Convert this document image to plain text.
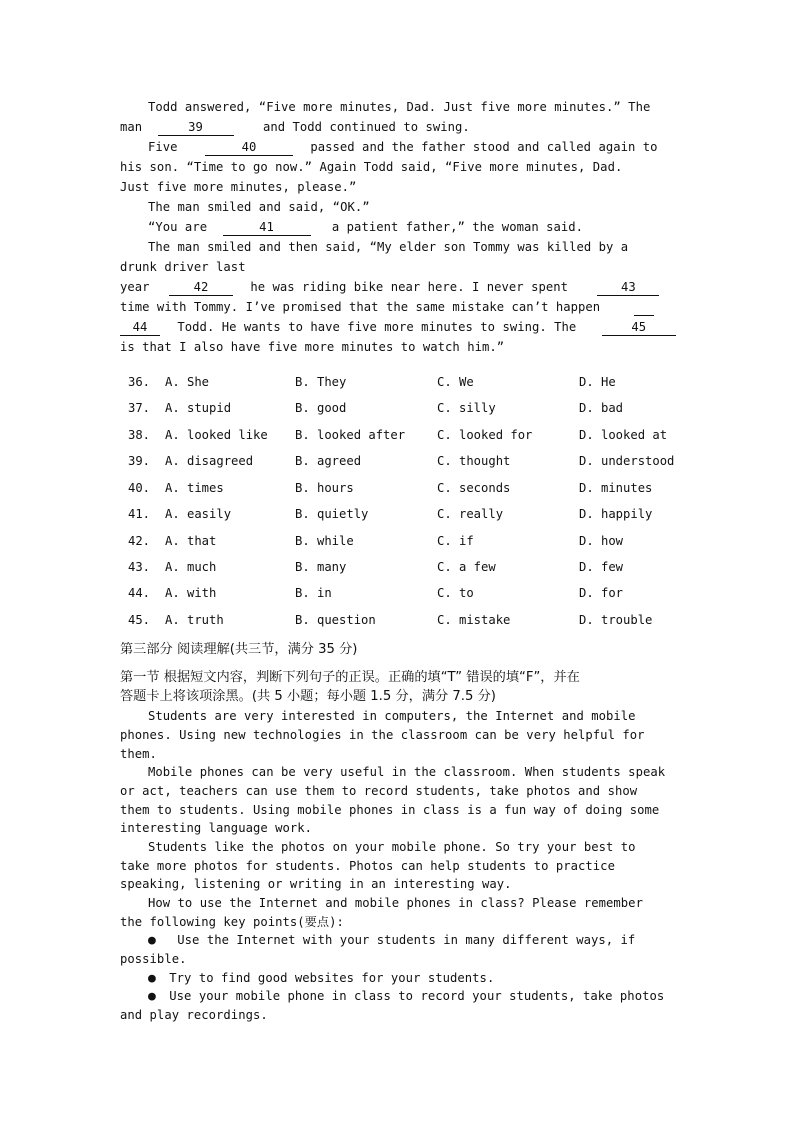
Todd answered, “Five more minutes, Dad. Just five more minutes.” The
man	39	and Todd continued to swing.
Five	40	passed and the father stood and called again to
his son. “Time to go now.” Again Todd said, “Five more minutes, Dad.
Just five more minutes, please.”
The man smiled and said, “OK.”
“You are	41	a patient father,” the woman said.
The man smiled and then said, “My elder son Tommy was killed by a
drunk driver last
year	42	he was riding bike near here. I never spent	43
time with Tommy. I’ve promised that the same mistake can’t happen
44 Todd. He wants to have five more minutes to swing. The	45
is that I also have five more minutes to watch him.”
36. A. She	B. They	C. We	D. He
37. A. stupid	B. good	C. silly	D. bad
38. A. looked like B. looked after	C. looked for	D. looked at
39. A. disagreed	B. agreed	C. thought	D. understood
40. A. times	B. hours	C. seconds	D. minutes
41. A. easily	B. quietly	C. really	D. happily
42. A. that	B. while	C. if	D. how
43. A. much	B. many	C. a few	D. few
44. A. with	B. in	C. to	D. for
45. A. truth	B. question	C. mistake	D. trouble
第三部分 阅读理解(共三节，满分 35 分)
第一节 根据短文内容，判断下列句子的正误。正确的填“T” 错误的填“F”，并在
答题卡上将该项涂黑。(共 5 小题；每小题 1.5 分，满分 7.5 分)
Students are very interested in computers, the Internet and mobile
phones. Using new technologies in the classroom can be very helpful for
them.
Mobile phones can be very useful in the classroom. When students speak
or act, teachers can use them to record students, take photos and show
them to students. Using mobile phones in class is a fun way of doing some
interesting language work.
Students like the photos on your mobile phone. So try your best to
take more photos for students. Photos can help students to practice
speaking, listening or writing in an interesting way.
How to use the Internet and mobile phones in class? Please remember
the following key points(要点):
● Use the Internet with your students in many different ways, if
possible.
● Try to find good websites for your students.
● Use your mobile phone in class to record your students, take photos
and play recordings.
